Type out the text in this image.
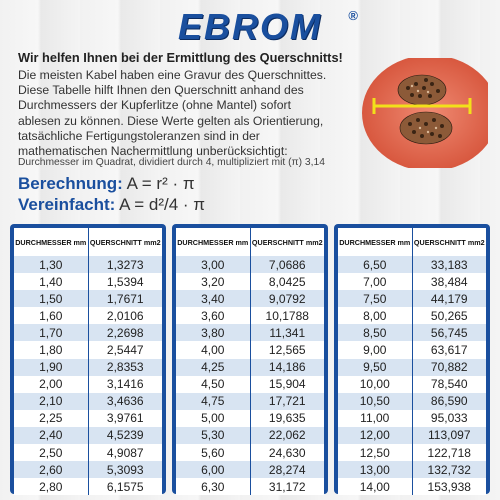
EBROM ®
Wir helfen Ihnen bei der Ermittlung des Querschnitts!
Die meisten Kabel haben eine Gravur des Querschnittes.
Diese Tabelle hilft Ihnen den Querschnitt anhand des
Durchmessers der Kupferlitze (ohne Mantel) sofort
ablesen zu können. Diese Werte gelten als Orientierung,
tatsächliche Fertigungstoleranzen sind in der
mathematischen Nachermittlung unberücksichtigt:
Durchmesser im Quadrat, dividiert durch 4, multipliziert mit (π) 3,14
Berechnung: A = r² · π
Vereinfacht: A = d²/4 · π
DURCHMESSER mm	QUERSCHNITT mm2
1,30	1,3273
1,40	1,5394
1,50	1,7671
1,60	2,0106
1,70	2,2698
1,80	2,5447
1,90	2,8353
2,00	3,1416
2,10	3,4636
2,25	3,9761
2,40	4,5239
2,50	4,9087
2,60	5,3093
2,80	6,1575
DURCHMESSER mm	QUERSCHNITT mm2
3,00	7,0686
3,20	8,0425
3,40	9,0792
3,60	10,1788
3,80	11,341
4,00	12,565
4,25	14,186
4,50	15,904
4,75	17,721
5,00	19,635
5,30	22,062
5,60	24,630
6,00	28,274
6,30	31,172
DURCHMESSER mm	QUERSCHNITT mm2
6,50	33,183
7,00	38,484
7,50	44,179
8,00	50,265
8,50	56,745
9,00	63,617
9,50	70,882
10,00	78,540
10,50	86,590
11,00	95,033
12,00	113,097
12,50	122,718
13,00	132,732
14,00	153,938
